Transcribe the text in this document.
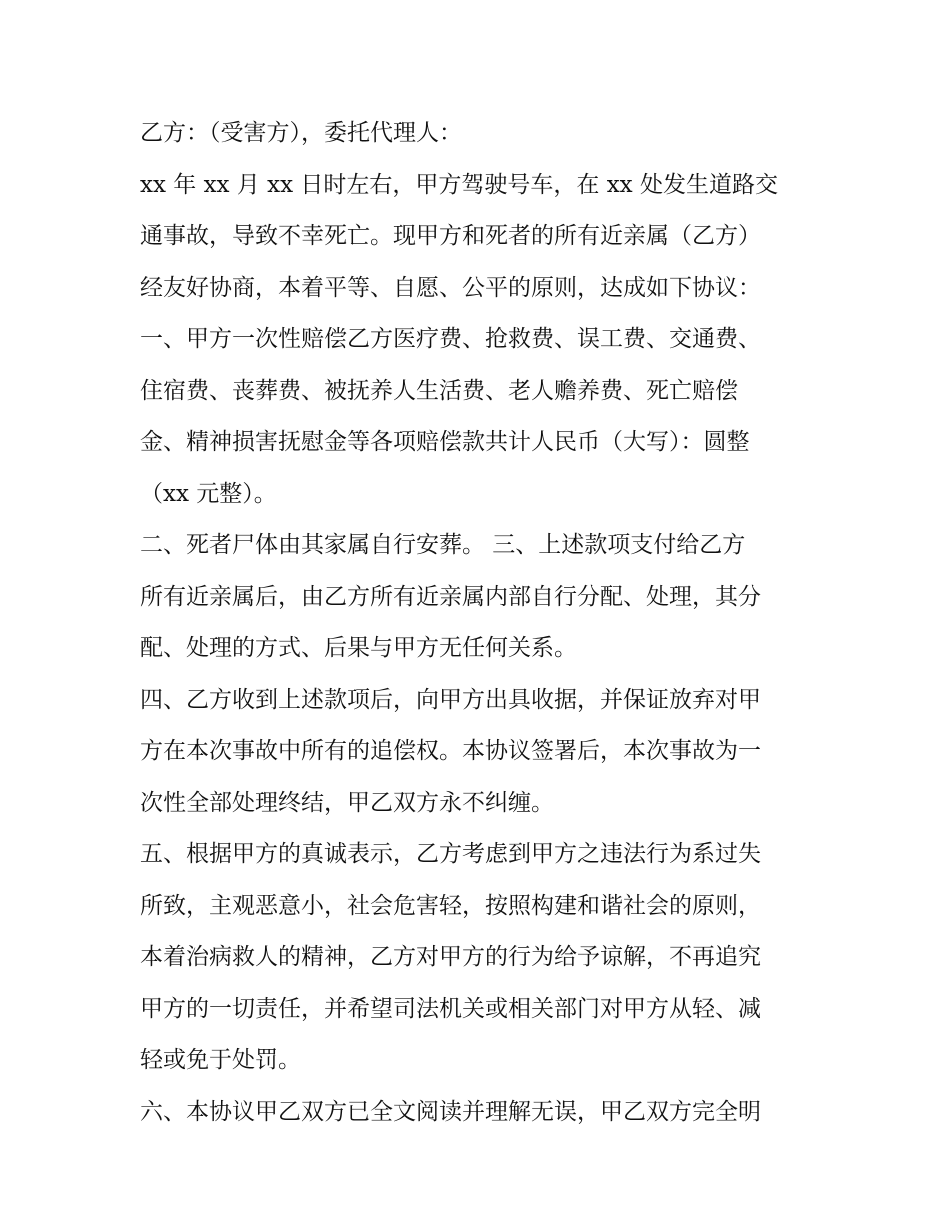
乙方：（受害方），委托代理人：
xx 年 xx 月 xx 日时左右，甲方驾驶号车，在 xx 处发生道路交
通事故，导致不幸死亡。现甲方和死者的所有近亲属（乙方）
经友好协商，本着平等、自愿、公平的原则，达成如下协议：
一、甲方一次性赔偿乙方医疗费、抢救费、误工费、交通费、
住宿费、丧葬费、被抚养人生活费、老人赡养费、死亡赔偿
金、精神损害抚慰金等各项赔偿款共计人民币（大写）：圆整
（xx 元整）。
二、死者尸体由其家属自行安葬。 三、上述款项支付给乙方
所有近亲属后，由乙方所有近亲属内部自行分配、处理，其分
配、处理的方式、后果与甲方无任何关系。
四、乙方收到上述款项后，向甲方出具收据，并保证放弃对甲
方在本次事故中所有的追偿权。本协议签署后，本次事故为一
次性全部处理终结，甲乙双方永不纠缠。
五、根据甲方的真诚表示，乙方考虑到甲方之违法行为系过失
所致，主观恶意小，社会危害轻，按照构建和谐社会的原则，
本着治病救人的精神，乙方对甲方的行为给予谅解，不再追究
甲方的一切责任，并希望司法机关或相关部门对甲方从轻、减
轻或免于处罚。
六、本协议甲乙双方已全文阅读并理解无误，甲乙双方完全明
